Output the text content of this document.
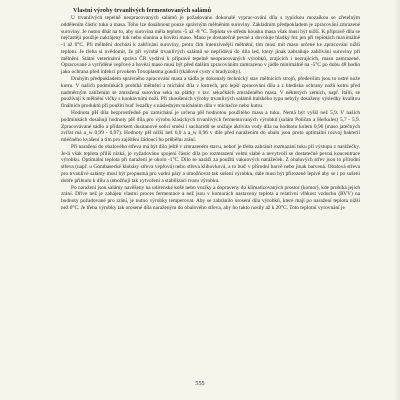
Vlastní výroby trvanlivých fermentovaných salámů

U trvanlivých tepelně neopracovaných salámů je požadováno dokonalé vyprac-ování díla s typickou mozaikou se zřetelným oddělením částic tuku a masa. Toho lze dosáhnout pouze správným mělněním suroviny. Základním předpokladem je zpracování zmrazené suroviny. Je nutno dbát na to, aby surovina měla teplotu -5 až -8 °C. Teplota ve středu kousku masa však musí být nižší. K přípravě díla se nejčastěji použije nakrájený tuk nebo slanina a hovězí maso. Maso je dostatečně pevné a dovoluje hladký řez jen při teplotách maximálně -1 až 0°C. Při mělnění dochází k zahřívání suroviny, proto čím intenzivnější mělnění, tím musí mít maso určené ke zpracování nižší teplotu. Je třeba si uvědomit, že při výrobě trvanlivých salámů se nepřidává do díla led, který jinak zabraňuje zahřívání suroviny při mělnění. Státní veterinární správa ČR vydává k přípravě tepelně neopracovaných výrobků, zrajících i nezrajících, maso zamrazené. Opracované a vytříděné vepřové a hovězí maso musí být před dalším zpracováním zamrazeno v jádře minimálně na -5°C po dobu 48 hodin jako ochrana před infekcí prvokem Toxoplasma gondii (tkáňové cysty s bradyzoity).

Druhým předpokladem správného zpracování masa a sádla je dokonalý technický stav mělnicích strojů, především jsou to ostré nože kutru. V našich podmínkách probíhá mělnění a míchání díla v kutrech, pro lepší zpracování díla a z hlediska ochrany nožů kutru před nadměrným zatížením se zmražená surovina seká na plátky v tzv. sekačkách zmraženého masa. V některých zemích, např. Itálii, se používají k mělnění vlčky s konkávními noži. Při zkoušeních výroby trvanlivých salámů italského typu nebyly dosaženy výsledky kvalitou finálních produktů při použití buď řezačky s následným mícháním díla v míchačce nebo kutru.

Hodnota pH díla bezprostředně po zamíchání je určena pH hodnotou použitého masa a tuku. Nemá být vyšší než 5,9. V našich podmínkách dosahují hodnoty pH díla pro výrobu klasických trvanlivých fermentovaných výrobků (salám Poličan a Herkules) 5,7 - 5,9. Zpracovávané sádlo a přídavkem dusitanové solicí směsi i sacharidů se snižuje aktivita vody díla na hodnotu kolem 0,96 (maso jatečných zvířat má a_w 0,99 - 0,97). Hodnoty pH nižší než 6,0 a a_w 0,96 v díle před naražením do obalu jsou proto optimální rozvoj bakterií mléčného kvašení a tím pro zajištění žádoucí ho průběhu zrání.

Při naražení do obalového střeva má být dílo ještě v zmrazeném stavu, neboť je třeba zabránit rozmazání tuku při výstupu z narážečky. Je-li však teplota příliš nízká, je vyžadováno spojení částic díla po rozmrazení velmi slabé a nevytvoří se dostatečně pevná koncentrace výrobku. Optimální teplota při naražení je okolo -1°C. Dílo se naráží za použití vakuových narážeček. Z obalových střev jsou to přírodní střeva (např. u Gombasecké klobásy střeva vepřová) nebo střeva klihovková, a to buď v přírodní barvě nebo jinak barvená. Obalová střeva pro trvanlivé salámy musí být propustná pro vodní páry a umožňovat tak sušení výrobku, dále musí být přirozeně lepivé aby se i po sušení dobře přilnulo k dílu a umožňují tak vytvoření a stabilizaci tvaru výrobku.

Po naražení jsou salámy navěšeny na udírenské koše nebo vozíky a dopraveny do klimatizovaných prostor (komor), kde probíhá jejich zrání. Dříve než je zahájen vlastní proces fermentace a než jsou v komorách nastaveny teplota a relativní vlhkost vzduchu (RVV) na hodnoty požadované pro zrání, je nutno výrobky temperovat. Aby se zabránilo orosení díla výrobků, které mají po naražení teplotu nižší než 0°C. Je třeba výrobky tak orosené díla naraženým do obalového střeva, aby ho takto nosily až k 20°C. Toto teplotní vyrovnání je

555
